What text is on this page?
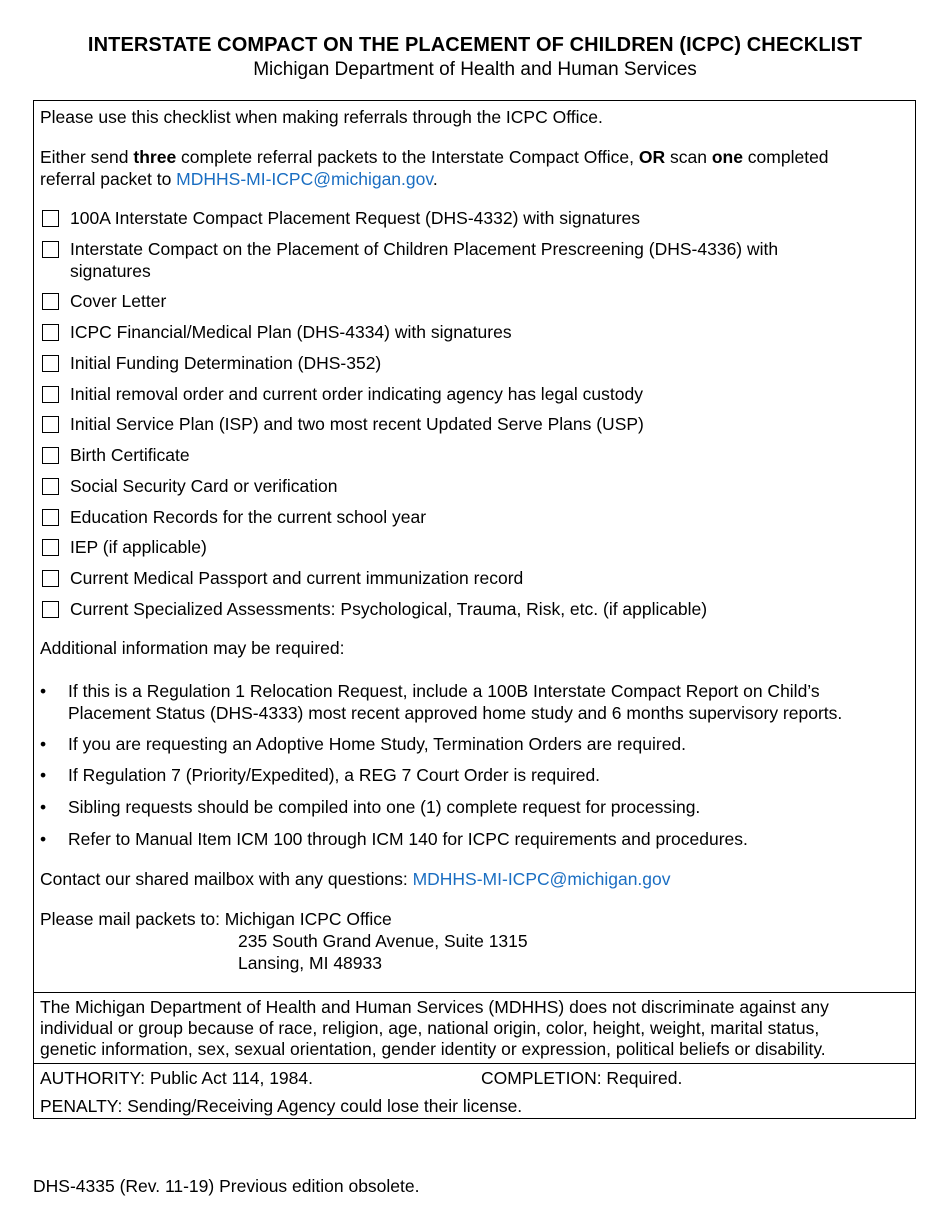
INTERSTATE COMPACT ON THE PLACEMENT OF CHILDREN (ICPC) CHECKLIST
Michigan Department of Health and Human Services
Please use this checklist when making referrals through the ICPC Office.
Either send three complete referral packets to the Interstate Compact Office, OR scan one completed
referral packet to MDHHS-MI-ICPC@michigan.gov.
100A Interstate Compact Placement Request (DHS-4332) with signatures
Interstate Compact on the Placement of Children Placement Prescreening (DHS-4336) with
signatures
Cover Letter
ICPC Financial/Medical Plan (DHS-4334) with signatures
Initial Funding Determination (DHS-352)
Initial removal order and current order indicating agency has legal custody
Initial Service Plan (ISP) and two most recent Updated Serve Plans (USP)
Birth Certificate
Social Security Card or verification
Education Records for the current school year
IEP (if applicable)
Current Medical Passport and current immunization record
Current Specialized Assessments: Psychological, Trauma, Risk, etc. (if applicable)
Additional information may be required:
• If this is a Regulation 1 Relocation Request, include a 100B Interstate Compact Report on Child’s
Placement Status (DHS-4333) most recent approved home study and 6 months supervisory reports.
• If you are requesting an Adoptive Home Study, Termination Orders are required.
• If Regulation 7 (Priority/Expedited), a REG 7 Court Order is required.
• Sibling requests should be compiled into one (1) complete request for processing.
• Refer to Manual Item ICM 100 through ICM 140 for ICPC requirements and procedures.
Contact our shared mailbox with any questions: MDHHS-MI-ICPC@michigan.gov
Please mail packets to: Michigan ICPC Office
235 South Grand Avenue, Suite 1315
Lansing, MI 48933
The Michigan Department of Health and Human Services (MDHHS) does not discriminate against any
individual or group because of race, religion, age, national origin, color, height, weight, marital status,
genetic information, sex, sexual orientation, gender identity or expression, political beliefs or disability.
AUTHORITY: Public Act 114, 1984.	COMPLETION: Required.
PENALTY: Sending/Receiving Agency could lose their license.
DHS-4335 (Rev. 11-19) Previous edition obsolete.
